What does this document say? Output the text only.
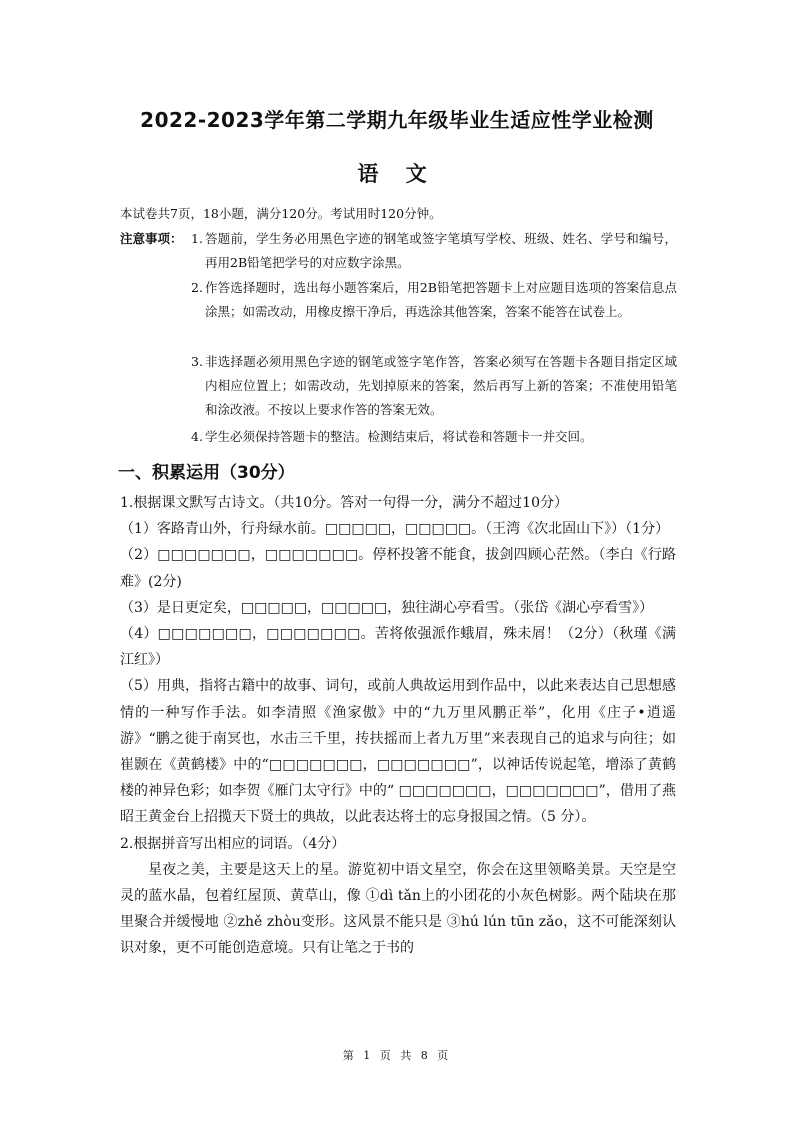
2022-2023学年第二学期九年级毕业生适应性学业检测
语 文
本试卷共7页，18小题，满分120分。考试用时120分钟。
注意事项： 1. 答题前，学生务必用黑色字迹的钢笔或签字笔填写学校、班级、姓名、学号和编号，再用2B铅笔把学号的对应数字涂黑。
2. 作答选择题时，选出每小题答案后，用2B铅笔把答题卡上对应题目选项的答案信息点涂黑；如需改动，用橡皮擦干净后，再选涂其他答案，答案不能答在试卷上。
3. 非选择题必须用黑色字迹的钢笔或签字笔作答，答案必须写在答题卡各题目指定区域内相应位置上；如需改动，先划掉原来的答案，然后再写上新的答案；不准使用铅笔和涂改液。不按以上要求作答的答案无效。
4. 学生必须保持答题卡的整洁。检测结束后，将试卷和答题卡一并交回。
一、积累运用（30分）

1.根据课文默写古诗文。（共10分。答对一句得一分，满分不超过10分）

（1）客路青山外，行舟绿水前。□□□□□，□□□□□。（王湾《次北固山下》）（1分）

（2）□□□□□□□，□□□□□□□。停杯投箸不能食，拔剑四顾心茫然。（李白《行路难》(2分)

（3）是日更定矣，□□□□□，□□□□□，独往湖心亭看雪。（张岱《湖心亭看雪》）

（4）□□□□□□□，□□□□□□□。苦将侬强派作蛾眉，殊未屑！（2分）（秋瑾《满江红》）

（5）用典，指将古籍中的故事、词句，或前人典故运用到作品中，以此来表达自己思想感情的一种写作手法。如李清照《渔家傲》中的“九万里风鹏正举”，化用《庄子•逍遥游》“鹏之徙于南冥也，水击三千里，抟扶摇而上者九万里”来表现自己的追求与向往；如崔颢在《黄鹤楼》中的“□□□□□□□，□□□□□□□”，以神话传说起笔，增添了黄鹤楼的神异色彩；如李贺《雁门太守行》中的“ □□□□□□□，□□□□□□□”，借用了燕昭王黄金台上招揽天下贤士的典故，以此表达将士的忘身报国之情。（5 分）。

2.根据拼音写出相应的词语。（4分）

星夜之美，主要是这天上的星。游览初中语文星空，你会在这里领略美景。天空是空灵的蓝水晶，包着红屋顶、黄草山，像 ①dì tǎn上的小团花的小灰色树影。两个陆块在那里聚合并缓慢地 ②zhě zhòu变形。这风景不能只是 ③hú lún tūn zǎo，这不可能深刻认识对象，更不可能创造意境。只有让笔之于书的

第 1 页 共 8 页
